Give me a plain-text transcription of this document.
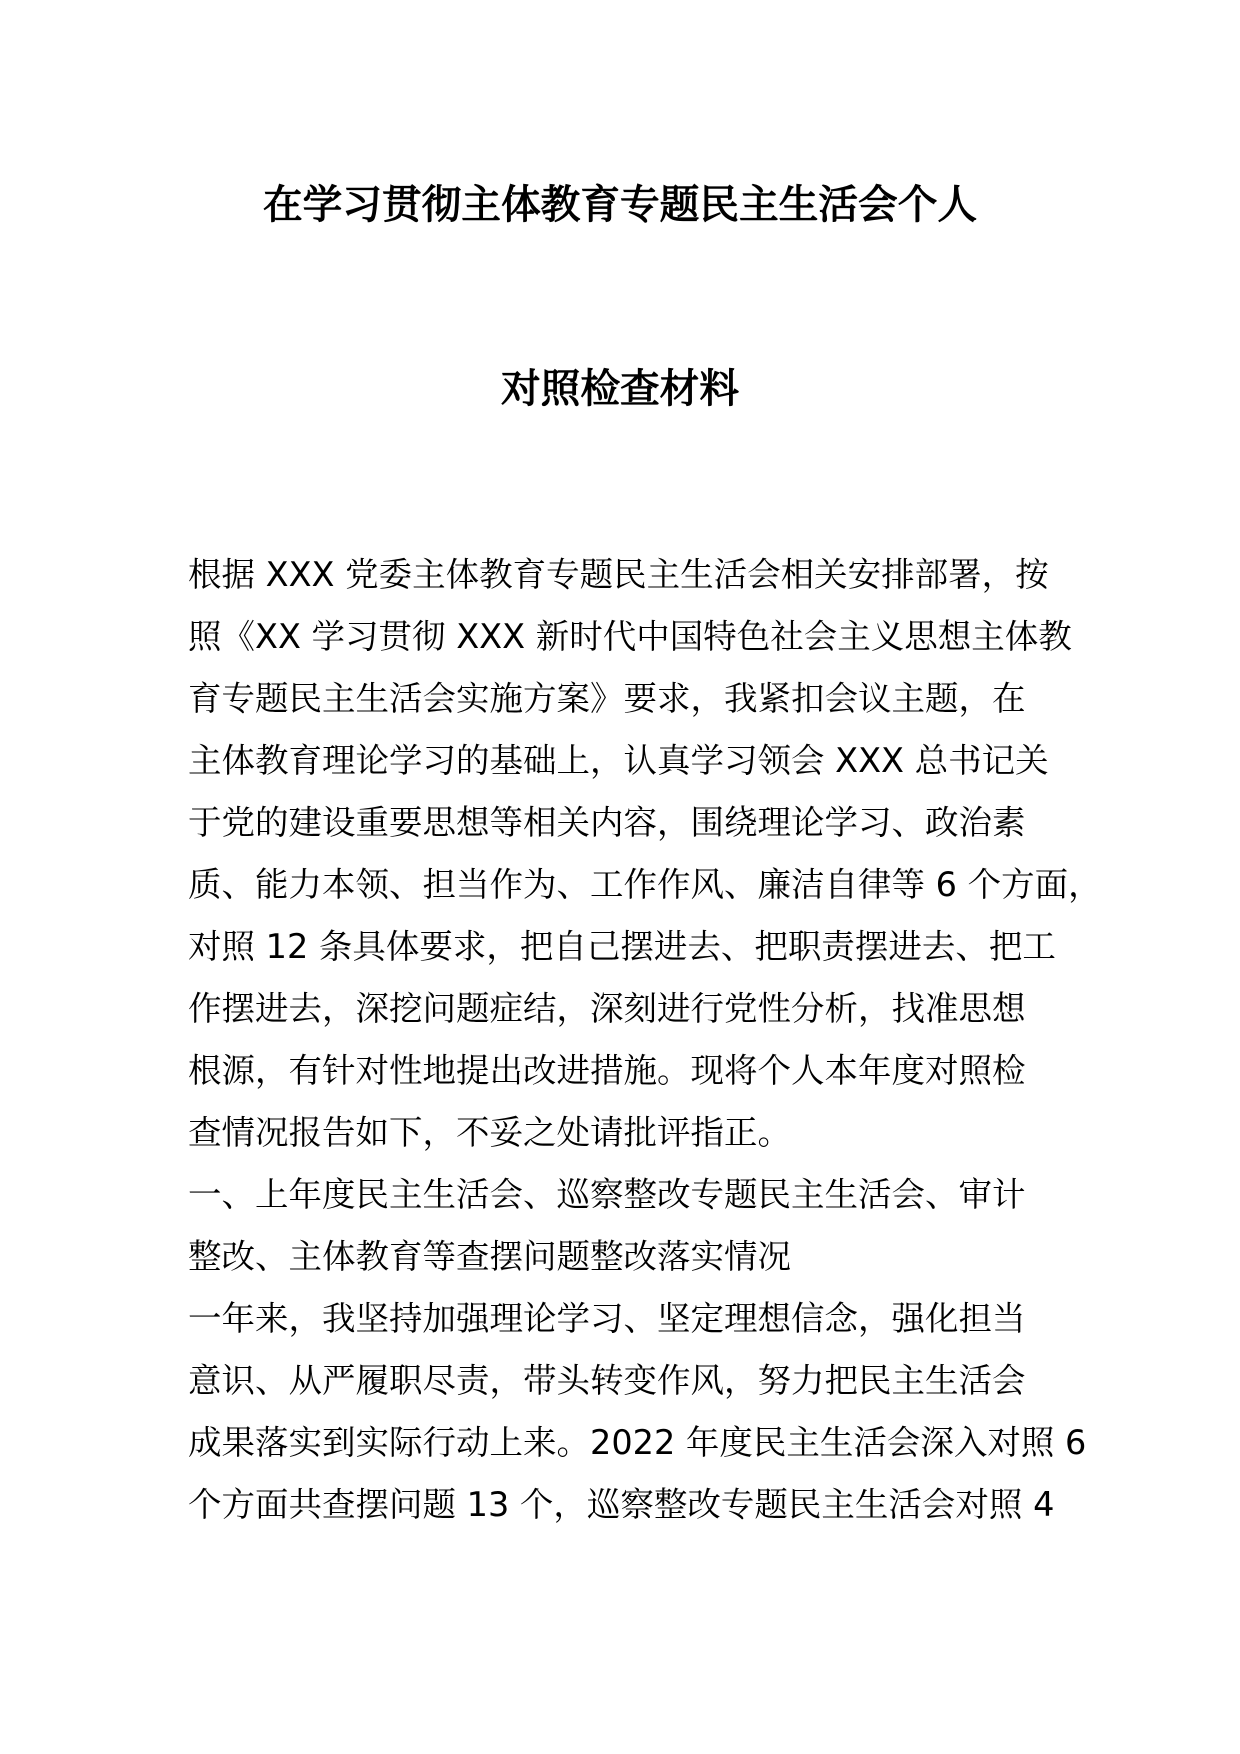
在学习贯彻主体教育专题民主生活会个人
对照检查材料
根据 XXX 党委主体教育专题民主生活会相关安排部署，按
照《XX 学习贯彻 XXX 新时代中国特色社会主义思想主体教
育专题民主生活会实施方案》要求，我紧扣会议主题，在
主体教育理论学习的基础上，认真学习领会 XXX 总书记关
于党的建设重要思想等相关内容，围绕理论学习、政治素
质、能力本领、担当作为、工作作风、廉洁自律等 6 个方面，
对照 12 条具体要求，把自己摆进去、把职责摆进去、把工
作摆进去，深挖问题症结，深刻进行党性分析，找准思想
根源，有针对性地提出改进措施。现将个人本年度对照检
查情况报告如下，不妥之处请批评指正。
一、上年度民主生活会、巡察整改专题民主生活会、审计
整改、主体教育等查摆问题整改落实情况
一年来，我坚持加强理论学习、坚定理想信念，强化担当
意识、从严履职尽责，带头转变作风，努力把民主生活会
成果落实到实际行动上来。2022 年度民主生活会深入对照 6
个方面共查摆问题 13 个，巡察整改专题民主生活会对照 4
